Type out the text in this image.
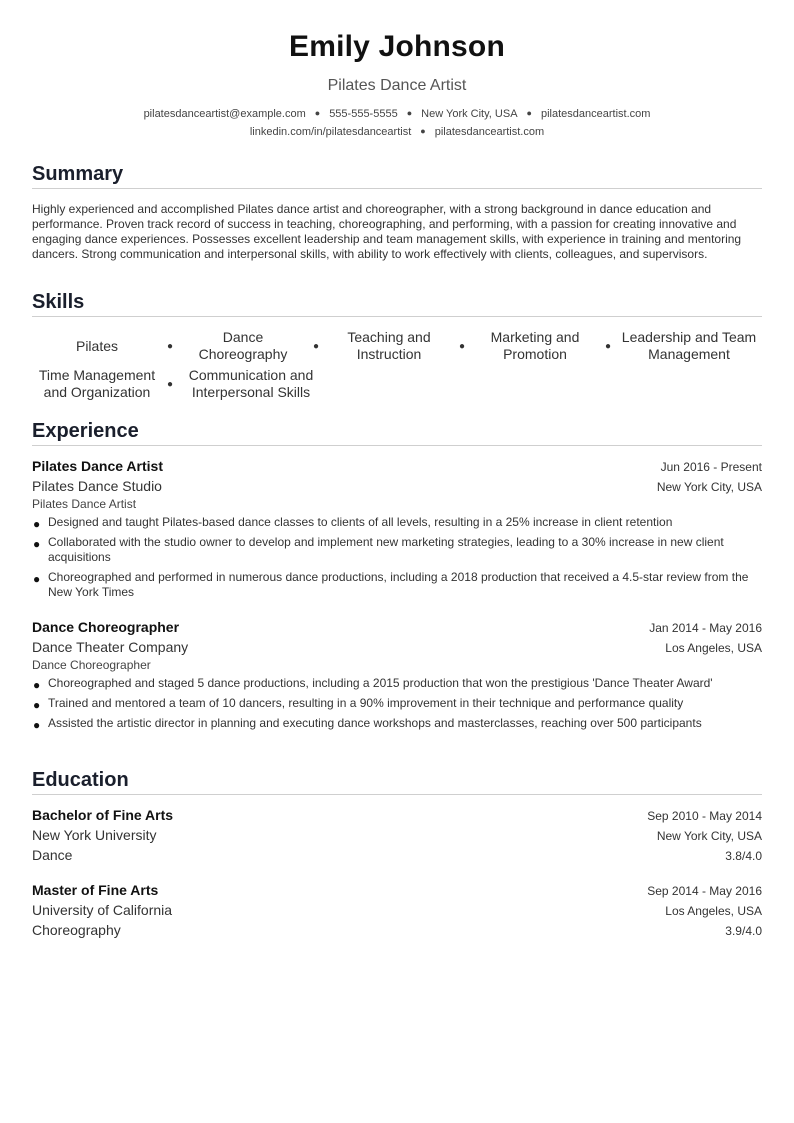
Emily Johnson
Pilates Dance Artist
pilatesdanceartist@example.com ● 555-555-5555 ● New York City, USA ● pilatesdanceartist.com
linkedin.com/in/pilatesdanceartist ● pilatesdanceartist.com
Summary
Highly experienced and accomplished Pilates dance artist and choreographer, with a strong background in dance education and performance. Proven track record of success in teaching, choreographing, and performing, with a passion for creating innovative and engaging dance experiences. Possesses excellent leadership and team management skills, with experience in training and mentoring dancers. Strong communication and interpersonal skills, with ability to work effectively with clients, colleagues, and supervisors.
Skills
Pilates	●
Dance Choreography	●
Teaching and Instruction	●
Marketing and Promotion	●
Leadership and Team Management
Time Management and Organization	●
Communication and Interpersonal Skills
Experience
Pilates Dance Artist	Jun 2016 - Present
Pilates Dance Studio	New York City, USA
Pilates Dance Artist
● Designed and taught Pilates-based dance classes to clients of all levels, resulting in a 25% increase in client retention
● Collaborated with the studio owner to develop and implement new marketing strategies, leading to a 30% increase in new client acquisitions
● Choreographed and performed in numerous dance productions, including a 2018 production that received a 4.5-star review from the New York Times
Dance Choreographer	Jan 2014 - May 2016
Dance Theater Company	Los Angeles, USA
Dance Choreographer
● Choreographed and staged 5 dance productions, including a 2015 production that won the prestigious 'Dance Theater Award'
● Trained and mentored a team of 10 dancers, resulting in a 90% improvement in their technique and performance quality
● Assisted the artistic director in planning and executing dance workshops and masterclasses, reaching over 500 participants
Education
Bachelor of Fine Arts	Sep 2010 - May 2014
New York University	New York City, USA
Dance	3.8/4.0
Master of Fine Arts	Sep 2014 - May 2016
University of California	Los Angeles, USA
Choreography	3.9/4.0
